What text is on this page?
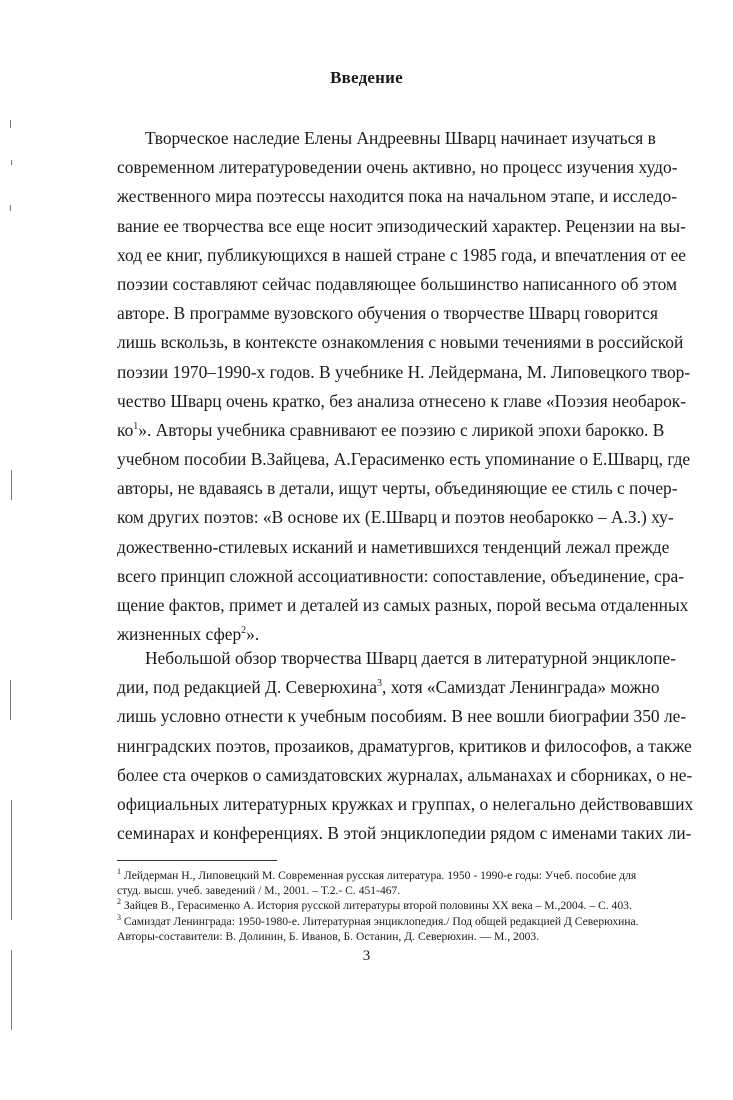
Введение
Творческое наследие Елены Андреевны Шварц начинает изучаться в
современном литературоведении очень активно, но процесс изучения худо-
жественного мира поэтессы находится пока на начальном этапе, и исследо-
вание ее творчества все еще носит эпизодический характер. Рецензии на вы-
ход ее книг, публикующихся в нашей стране с 1985 года, и впечатления от ее
поэзии составляют сейчас подавляющее большинство написанного об этом
авторе. В программе вузовского обучения о творчестве Шварц говорится
лишь вскользь, в контексте ознакомления с новыми течениями в российской
поэзии 1970–1990-х годов. В учебнике Н. Лейдермана, М. Липовецкого твор-
чество Шварц очень кратко, без анализа отнесено к главе «Поэзия необарок-
$ко^1$». Авторы учебника сравнивают ее поэзию с лирикой эпохи барокко. В
учебном пособии В.Зайцева, А.Герасименко есть упоминание о Е.Шварц, где
авторы, не вдаваясь в детали, ищут черты, объединяющие ее стиль с почер-
ком других поэтов: «В основе их (Е.Шварц и поэтов необарокко – А.З.) ху-
дожественно-стилевых исканий и наметившихся тенденций лежал прежде
всего принцип сложной ассоциативности: сопоставление, объединение, сра-
щение фактов, примет и деталей из самых разных, порой весьма отдаленных
жизненных сфер$^2$».
Небольшой обзор творчества Шварц дается в литературной энциклопе-
дии, под редакцией Д. Северюхина$^3$, хотя «Самиздат Ленинграда» можно
лишь условно отнести к учебным пособиям. В нее вошли биографии 350 ле-
нинградских поэтов, прозаиков, драматургов, критиков и философов, а также
более ста очерков о самиздатовских журналах, альманахах и сборниках, о не-
официальных литературных кружках и группах, о нелегально действовавших
семинарах и конференциях. В этой энциклопедии рядом с именами таких ли-
$^1$ Лейдерман Н., Липовецкий М. Современная русская литература. 1950 - 1990-е годы: Учеб. пособие для
студ. высш. учеб. заведений / М., 2001. – Т.2.- С. 451-467.
$^2$ Зайцев В., Герасименко А. История русской литературы второй половины XX века – М.,2004. – С. 403.
$^3$ Самиздат Ленинграда: 1950-1980-е. Литературная энциклопедия./ Под общей редакцией Д Северюхина.
Авторы-составители: В. Долинин, Б. Иванов, Б. Останин, Д. Северюхин. — М., 2003.
3
